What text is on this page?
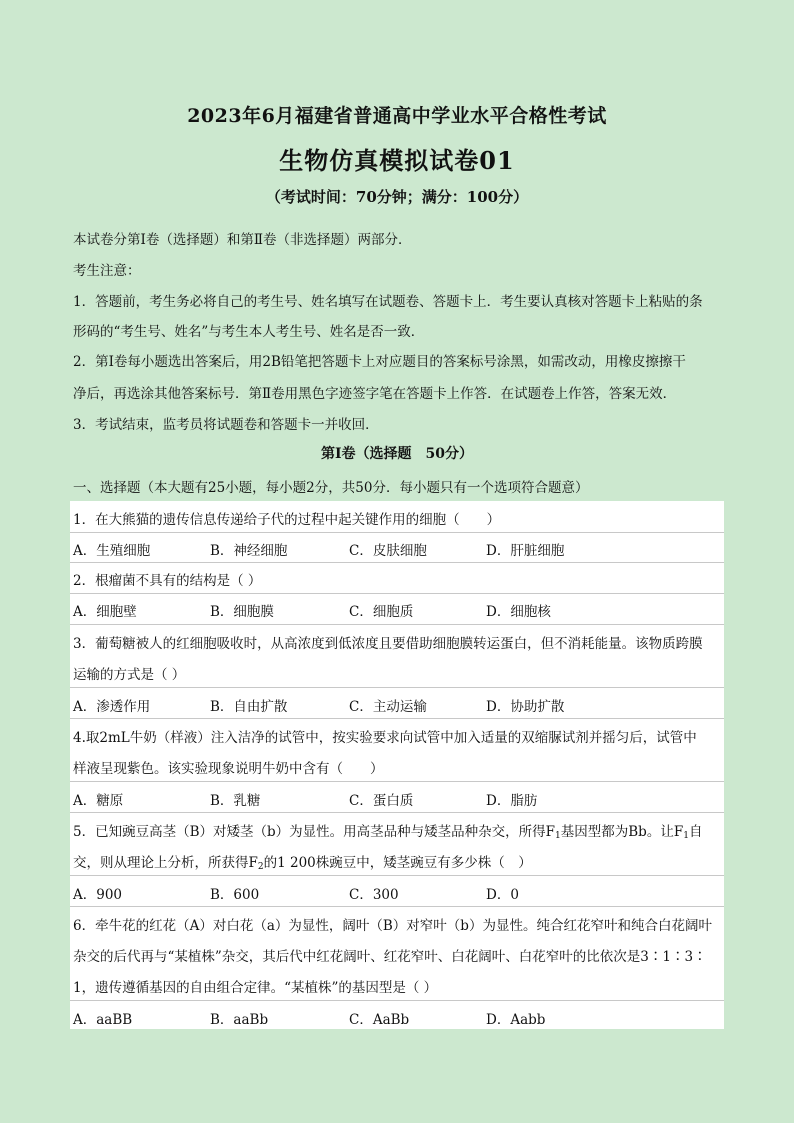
2023年6月福建省普通高中学业水平合格性考试
生物仿真模拟试卷01
（考试时间：70分钟；满分：100分）
本试卷分第Ⅰ卷（选择题）和第Ⅱ卷（非选择题）两部分．
考生注意：
1．答题前，考生务必将自己的考生号、姓名填写在试题卷、答题卡上．考生要认真核对答题卡上粘贴的条
形码的“考生号、姓名”与考生本人考生号、姓名是否一致．
2．第Ⅰ卷每小题选出答案后，用2B铅笔把答题卡上对应题目的答案标号涂黑，如需改动，用橡皮擦擦干
净后，再选涂其他答案标号．第Ⅱ卷用黑色字迹签字笔在答题卡上作答．在试题卷上作答，答案无效．
3．考试结束，监考员将试题卷和答题卡一并收回．
第Ⅰ卷（选择题　50分）
一、选择题（本大题有25小题，每小题2分，共50分．每小题只有一个选项符合题意）
1．在大熊猫的遗传信息传递给子代的过程中起关键作用的细胞（　　）
A．生殖细胞	B．神经细胞	C．皮肤细胞	D．肝脏细胞
2．根瘤菌不具有的结构是（ ）
A．细胞壁	B．细胞膜	C．细胞质	D．细胞核
3．葡萄糖被人的红细胞吸收时，从高浓度到低浓度且要借助细胞膜转运蛋白，但不消耗能量。该物质跨膜
运输的方式是（ ）
A．渗透作用	B．自由扩散	C．主动运输	D．协助扩散
4.取2mL牛奶（样液）注入洁净的试管中，按实验要求向试管中加入适量的双缩脲试剂并摇匀后，试管中
样液呈现紫色。该实验现象说明牛奶中含有（　　）
A．糖原	B．乳糖	C．蛋白质	D．脂肪
5．已知豌豆高茎（B）对矮茎（b）为显性。用高茎品种与矮茎品种杂交，所得$F_1$基因型都为Bb。让$F_1$自
交，则从理论上分析，所获得$F_2$的1 200株豌豆中，矮茎豌豆有多少株（　）
A．900	B．600	C．300	D．0
6．牵牛花的红花（A）对白花（a）为显性，阔叶（B）对窄叶（b）为显性。纯合红花窄叶和纯合白花阔叶
杂交的后代再与“某植株”杂交，其后代中红花阔叶、红花窄叶、白花阔叶、白花窄叶的比依次是3∶1∶3∶
1，遗传遵循基因的自由组合定律。“某植株”的基因型是（ ）
A．aaBB	B．aaBb	C．AaBb	D．Aabb
